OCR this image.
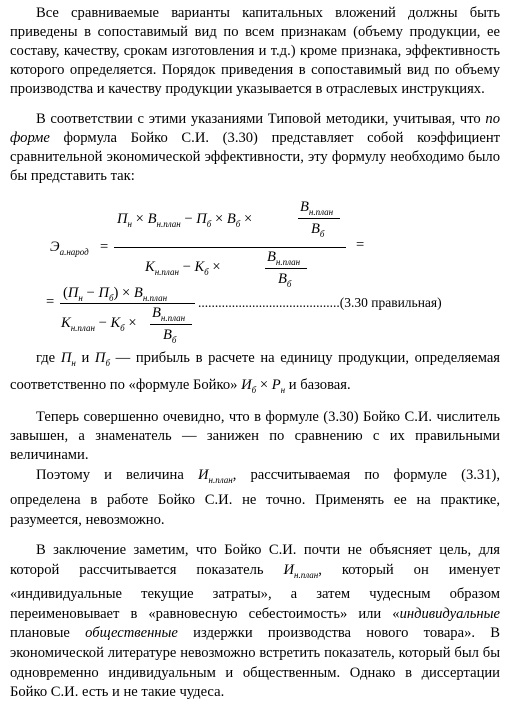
Все сравниваемые варианты капитальных вложений должны быть приведены в сопоставимый вид по всем признакам (объему продукции, ее составу, качеству, срокам изготовления и т.д.) кроме признака, эффективность которого определяется. Порядок приведения в сопоставимый вид по объему производства и качеству продукции указывается в отраслевых инструкциях.

В соответствии с этими указаниями Типовой методики, учитывая, что по форме формула Бойко С.И. (3.30) представляет собой коэффициент сравнительной экономической эффективности, эту формулу необходимо было бы представить так:

$Э_{а.народ}$ =
$П_н \times В_{н.план} - П_б \times В_б$ ×
$В_{н.план}$
$В_б$
$К_{н.план} - К_б$ ×
$В_{н.план}$
$В_б$
=
=
$(П_н - П_б) \times В_{н.план}$
$К_{н.план} - К_б$ ×
$В_{н.план}$
$В_б$
..........................................(3.30 правильная)

где $П_н$ и $П_б$ — прибыль в расчете на единицу продукции, определяемая соответственно по «формуле Бойко» $И_б \times Р_н$ и базовая.

Теперь совершенно очевидно, что в формуле (3.30) Бойко С.И. числитель завышен, а знаменатель — занижен по сравнению с их правильными величинами.

Поэтому и величина $И_{н.план}$, рассчитываемая по формуле (3.31), определена в работе Бойко С.И. не точно. Применять ее на практике, разумеется, невозможно.

В заключение заметим, что Бойко С.И. почти не объясняет цель, для которой рассчитывается показатель $И_{н.план}$, который он именует «индивидуальные текущие затраты», а затем чудесным образом переименовывает в «равновесную себестоимость» или «индивидуальные плановые общественные издержки производства нового товара». В экономической литературе невозможно встретить показатель, который был бы одновременно индивидуальным и общественным. Однако в диссертации Бойко С.И. есть и не такие чудеса.
